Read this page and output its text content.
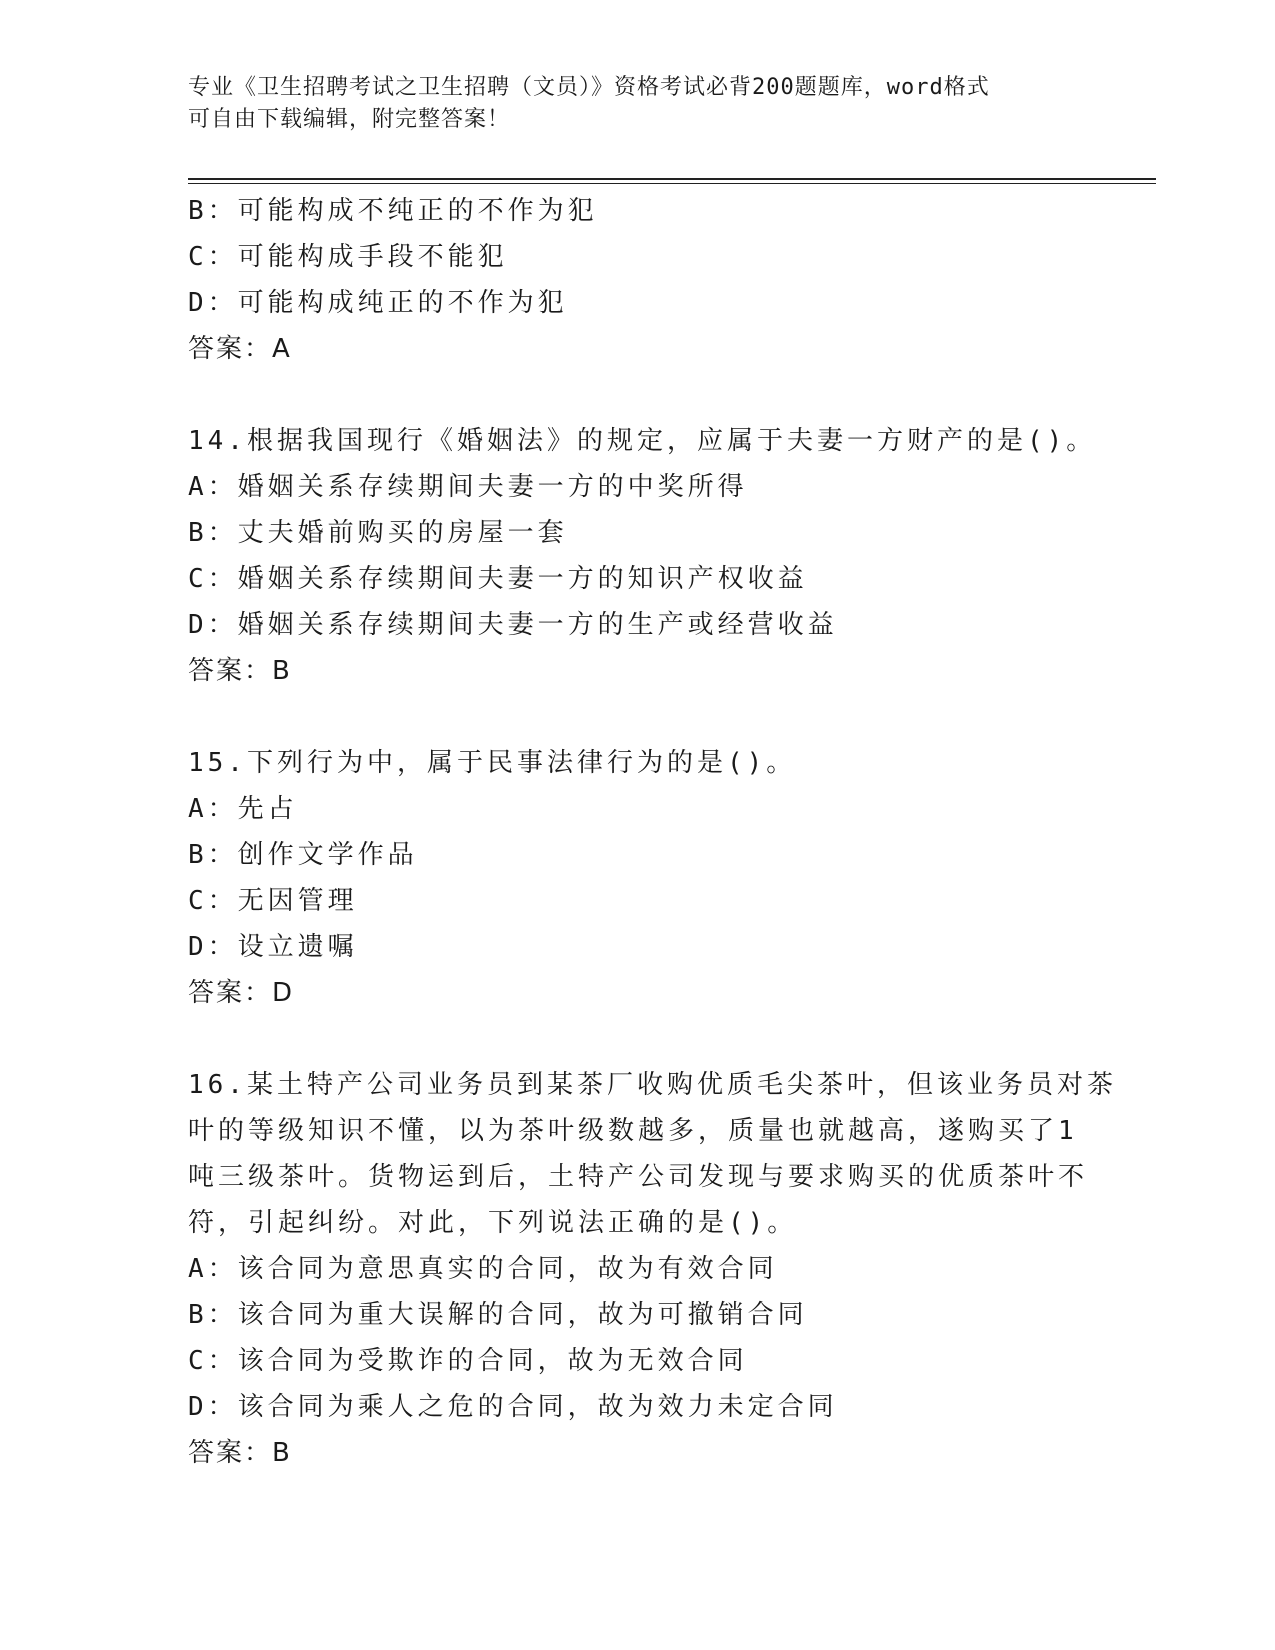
专业《卫生招聘考试之卫生招聘（文员）》资格考试必背200题题库，word格式
可自由下载编辑，附完整答案！
B：可能构成不纯正的不作为犯
C：可能构成手段不能犯
D：可能构成纯正的不作为犯
答案：A
14.根据我国现行《婚姻法》的规定，应属于夫妻一方财产的是()。
A：婚姻关系存续期间夫妻一方的中奖所得
B：丈夫婚前购买的房屋一套
C：婚姻关系存续期间夫妻一方的知识产权收益
D：婚姻关系存续期间夫妻一方的生产或经营收益
答案：B
15.下列行为中，属于民事法律行为的是()。
A：先占
B：创作文学作品
C：无因管理
D：设立遗嘱
答案：D
16.某土特产公司业务员到某茶厂收购优质毛尖茶叶，但该业务员对茶
叶的等级知识不懂，以为茶叶级数越多，质量也就越高，遂购买了1
吨三级茶叶。货物运到后，土特产公司发现与要求购买的优质茶叶不
符，引起纠纷。对此，下列说法正确的是()。
A：该合同为意思真实的合同，故为有效合同
B：该合同为重大误解的合同，故为可撤销合同
C：该合同为受欺诈的合同，故为无效合同
D：该合同为乘人之危的合同，故为效力未定合同
答案：B
